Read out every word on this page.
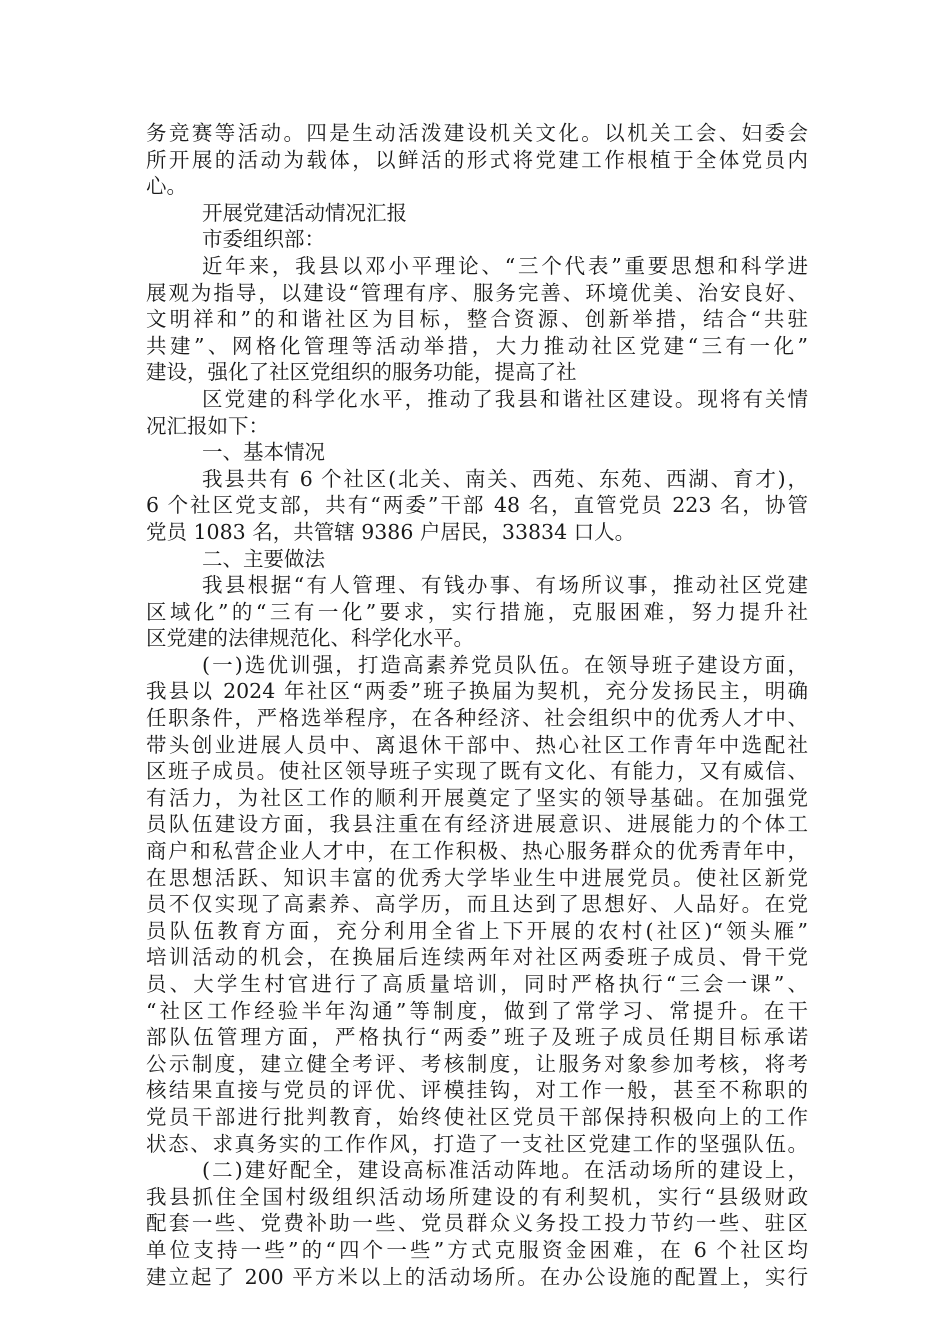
务竞赛等活动。四是生动活泼建设机关文化。以机关工会、妇委会
所开展的活动为载体，以鲜活的形式将党建工作根植于全体党员内
心。
开展党建活动情况汇报
市委组织部：
近年来，我县以邓小平理论、“三个代表”重要思想和科学进
展观为指导，以建设“管理有序、服务完善、环境优美、治安良好、
文明祥和”的和谐社区为目标，整合资源、创新举措，结合“共驻
共建”、网格化管理等活动举措，大力推动社区党建“三有一化”
建设，强化了社区党组织的服务功能，提高了社
区党建的科学化水平，推动了我县和谐社区建设。现将有关情
况汇报如下：
一、基本情况
我县共有 6 个社区(北关、南关、西苑、东苑、西湖、育才)，
6 个社区党支部，共有“两委”干部 48 名，直管党员 223 名，协管
党员 1083 名，共管辖 9386 户居民，33834 口人。
二、主要做法
我县根据“有人管理、有钱办事、有场所议事，推动社区党建
区域化”的“三有一化”要求，实行措施，克服困难，努力提升社
区党建的法律规范化、科学化水平。
(一)选优训强，打造高素养党员队伍。在领导班子建设方面，
我县以 2024 年社区“两委”班子换届为契机，充分发扬民主，明确
任职条件，严格选举程序，在各种经济、社会组织中的优秀人才中、
带头创业进展人员中、离退休干部中、热心社区工作青年中选配社
区班子成员。使社区领导班子实现了既有文化、有能力，又有威信、
有活力，为社区工作的顺利开展奠定了坚实的领导基础。在加强党
员队伍建设方面，我县注重在有经济进展意识、进展能力的个体工
商户和私营企业人才中，在工作积极、热心服务群众的优秀青年中，
在思想活跃、知识丰富的优秀大学毕业生中进展党员。使社区新党
员不仅实现了高素养、高学历，而且达到了思想好、人品好。在党
员队伍教育方面，充分利用全省上下开展的农村(社区)“领头雁”
培训活动的机会，在换届后连续两年对社区两委班子成员、骨干党
员、大学生村官进行了高质量培训，同时严格执行“三会一课”、
“社区工作经验半年沟通”等制度，做到了常学习、常提升。在干
部队伍管理方面，严格执行“两委”班子及班子成员任期目标承诺
公示制度，建立健全考评、考核制度，让服务对象参加考核，将考
核结果直接与党员的评优、评模挂钩，对工作一般，甚至不称职的
党员干部进行批判教育，始终使社区党员干部保持积极向上的工作
状态、求真务实的工作作风，打造了一支社区党建工作的坚强队伍。
(二)建好配全，建设高标准活动阵地。在活动场所的建设上，
我县抓住全国村级组织活动场所建设的有利契机，实行“县级财政
配套一些、党费补助一些、党员群众义务投工投力节约一些、驻区
单位支持一些”的“四个一些”方式克服资金困难，在 6 个社区均
建立起了 200 平方米以上的活动场所。在办公设施的配置上，实行
